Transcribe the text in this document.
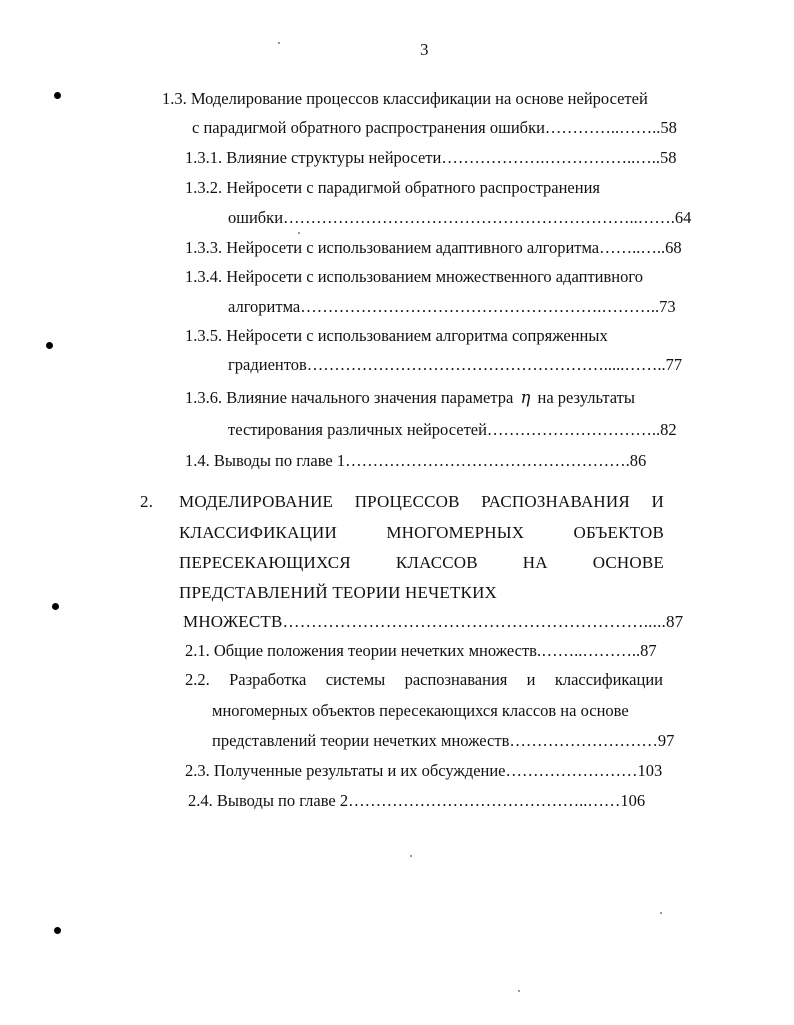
3
1.3. Моделирование процессов классификации на основе нейросетей
с парадигмой обратного распространения ошибки…………..……..58
1.3.1. Влияние структуры нейросети……………….……………..…..58
1.3.2. Нейросети с парадигмой обратного распространения
ошибки………………………………………………………..…….64
1.3.3. Нейросети с использованием адаптивного алгоритма……..…..68
1.3.4. Нейросети с использованием множественного адаптивного
алгоритма……………………………………………….………..73
1.3.5. Нейросети с использованием алгоритма сопряженных
градиентов……………………………………………….....……..77
1.3.6. Влияние начального значения параметра η на результаты
тестирования различных нейросетей…………………………..82
1.4. Выводы по главе 1…………………………………………….86
2. МОДЕЛИРОВАНИЕ ПРОЦЕССОВ РАСПОЗНАВАНИЯ И
КЛАССИФИКАЦИИ	МНОГОМЕРНЫХ	ОБЪЕКТОВ
ПЕРЕСЕКАЮЩИХСЯ	КЛАССОВ	НА	ОСНОВЕ
ПРЕДСТАВЛЕНИЙ ТЕОРИИ НЕЧЕТКИХ
МНОЖЕСТВ……………………………………………………….....87
2.1. Общие положения теории нечетких множеств.……..………..87
2.2. Разработка системы распознавания и классификации
многомерных объектов пересекающихся классов на основе
представлений теории нечетких множеств………………………97
2.3. Полученные результаты и их обсуждение……………………103
2.4. Выводы по главе 2……………………………………..……106
